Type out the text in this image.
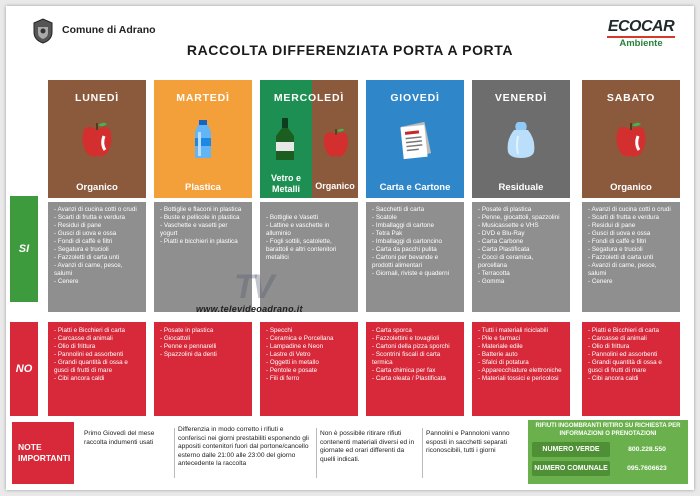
Comune di Adrano
RACCOLTA DIFFERENZIATA PORTA A PORTA
ECOCAR
Ambiente
SI
NO
LUNEDÌ
Organico
- Avanzi di cucina cotti o crudi
- Scarti di frutta e verdura
- Residui di pane
- Gusci di uova e ossa
- Fondi di caffè e filtri
- Segatura e trucioli
- Fazzoletti di carta unti
- Avanzi di carne, pesce, salumi
- Cenere
- Piatti e Bicchieri di carta
- Carcasse di animali
- Olio di frittura
- Pannolini ed assorbenti
- Grandi quantità di ossa e gusci di frutti di mare
- Cibi ancora caldi
MARTEDÌ
Plastica
- Bottiglie e flaconi in plastica
- Buste e pellicole in plastica
- Vaschette e vasetti per yogurt
- Piatti e bicchieri in plastica
- Posate in plastica
- Giocattoli
- Penne e pennarelli
- Spazzolini da denti
MERCOLEDÌ
Vetro e Metalli	Organico
- Bottiglie e Vasetti
- Lattine e vaschette in alluminio
- Fogli sottili, scatolette, barattoli e altri contenitori metallici
- Specchi
- Ceramica e Porcellana
- Lampadine e Neon
- Lastre di Vetro
- Oggetti in metallo
- Pentole e posate
- Fili di ferro
GIOVEDÌ
Carta e Cartone
- Sacchetti di carta
- Scatole
- Imballaggi di cartone
- Tetra Pak
- Imballaggi di cartoncino
- Carta da pacchi pulita
- Cartoni per bevande e prodotti alimentari
- Giornali, riviste e quaderni
- Carta sporca
- Fazzolettini e tovaglioli
- Cartoni della pizza sporchi
- Scontrini fiscali di carta termica
- Carta chimica per fax
- Carta oleata / Plastificata
VENERDÌ
Residuale
- Posate di plastica
- Penne, giocattoli, spazzolini
- Musicassette e VHS
- DVD e Blu-Ray
- Carta Carbone
- Carta Plastificata
- Cocci di ceramica, porcellana
- Terracotta
- Gomma
- Tutti i materiali riciclabili
- Pile e farmaci
- Materiale edile
- Batterie auto
- Sfalci di potatura
- Apparecchiature elettroniche
- Materiali tossici e pericolosi
SABATO
Organico
- Avanzi di cucina cotti o crudi
- Scarti di frutta e verdura
- Residui di pane
- Gusci di uova e ossa
- Fondi di caffè e filtri
- Segatura e trucioli
- Fazzoletti di carta unti
- Avanzi di carne, pesce, salumi
- Cenere
- Piatti e Bicchieri di carta
- Carcasse di animali
- Olio di frittura
- Pannolini ed assorbenti
- Grandi quantità di ossa e gusci di frutti di mare
- Cibi ancora caldi
TV
www.televideoadrano.it
NOTE IMPORTANTI
Primo Giovedì del mese raccolta indumenti usati
Differenzia in modo corretto i rifiuti e conferisci nei giorni prestabiliti esponendo gli appositi contenitori fuori dal portone/cancello esterno dalle 21:00 alle 23:00 del giorno antecedente la raccolta
Non è possibile ritirare rifiuti contenenti materiali diversi ed in giornate ed orari differenti da quelli indicati.
Pannolini e Pannoloni vanno esposti in sacchetti separati riconoscibili, tutti i giorni
RIFIUTI INGOMBRANTI RITIRO SU RICHIESTA PER INFORMAZIONI O PRENOTAZIONI
NUMERO VERDE	800.228.550
NUMERO COMUNALE	095.7606623
